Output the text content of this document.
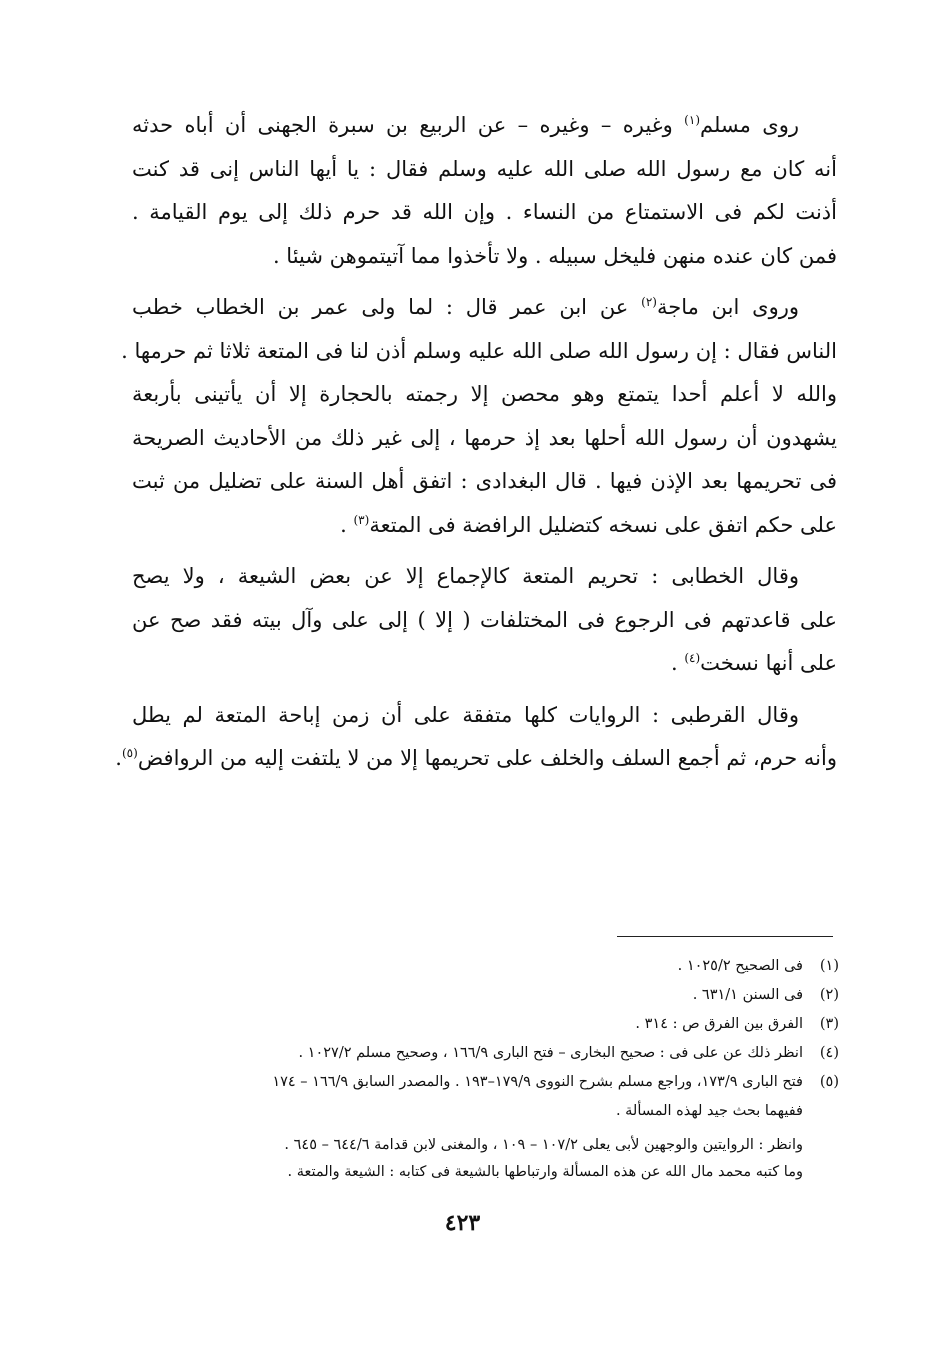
روى مسلم$^{(١)}$ وغيره – وغيره – عن الربيع بن سبرة الجهنى أن أباه حدثه
أنه كان مع رسول الله صلى الله عليه وسلم فقال : يا أيها الناس إنى قد كنت
أذنت لكم فى الاستمتاع من النساء . وإن الله قد حرم ذلك إلى يوم القيامة .
فمن كان عنده منهن فليخل سبيله . ولا تأخذوا مما آتيتموهن شيئا .

وروى ابن ماجة$^{(٢)}$ عن ابن عمر قال : لما ولى عمر بن الخطاب خطب
الناس فقال : إن رسول الله صلى الله عليه وسلم أذن لنا فى المتعة ثلاثا ثم حرمها .
والله لا أعلم أحدا يتمتع وهو محصن إلا رجمته بالحجارة إلا أن يأتينى بأربعة
يشهدون أن رسول الله أحلها بعد إذ حرمها ، إلى غير ذلك من الأحاديث الصريحة
فى تحريمها بعد الإذن فيها . قال البغدادى : اتفق أهل السنة على تضليل من ثبت
على حكم اتفق على نسخه كتضليل الرافضة فى المتعة$^{(٣)}$ .

وقال الخطابى : تحريم المتعة كالإجماع إلا عن بعض الشيعة ، ولا يصح
على قاعدتهم فى الرجوع فى المختلفات ( إلا ) إلى على وآل بيته فقد صح عن
على أنها نسخت$^{(٤)}$ .

وقال القرطبى : الروايات كلها متفقة على أن زمن إباحة المتعة لم يطل
وأنه حرم، ثم أجمع السلف والخلف على تحريمها إلا من لا يلتفت إليه من الروافض$^{(٥)}$.

(١)
فى الصحيح ١٠٢٥/٢ .
(٢)
فى السنن ٦٣١/١ .
(٣)
الفرق بين الفرق ص : ٣١٤ .
(٤)
انظر ذلك عن على فى : صحيح البخارى – فتح البارى ١٦٦/٩ ، وصحيح مسلم ١٠٢٧/٢ .
(٥)
فتح البارى ١٧٣/٩، وراجع مسلم بشرح النووى ١٧٩/٩–١٩٣ . والمصدر السابق ١٦٦/٩ – ١٧٤
ففيهما بحث جيد لهذه المسألة .
وانظر : الروايتين والوجهين لأبى يعلى ١٠٧/٢ – ١٠٩ ، والمغنى لابن قدامة ٦٤٤/٦ – ٦٤٥ .
وما كتبه محمد مال الله عن هذه المسألة وارتباطها بالشيعة فى كتابه : الشيعة والمتعة .
٤٢٣
